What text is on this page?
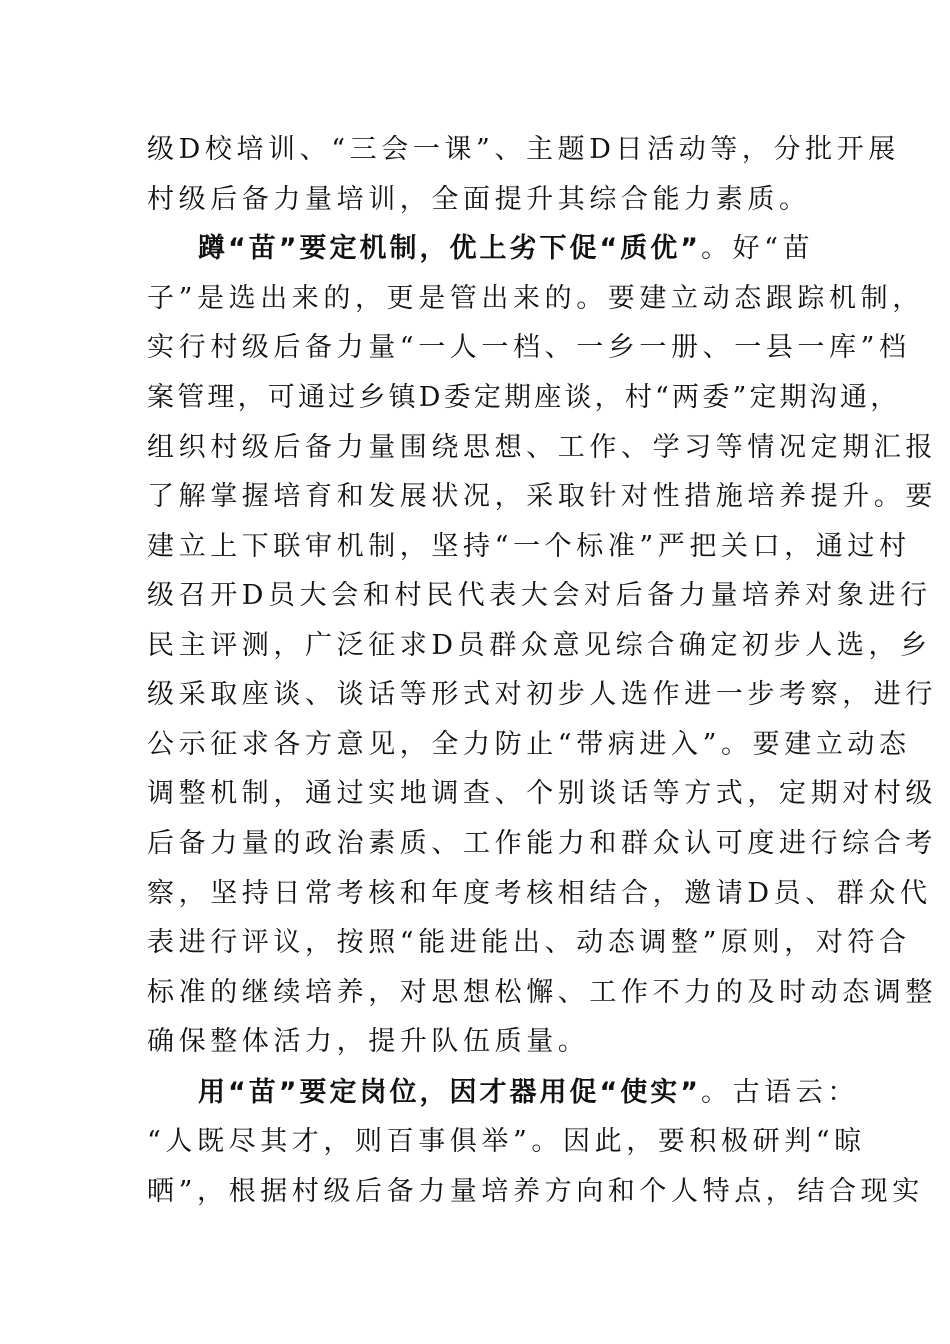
级D校培训、“三会一课”、主题D日活动等，分批开展
村级后备力量培训，全面提升其综合能力素质。
蹲“苗”要定机制，优上劣下促“质优”。好“苗
子”是选出来的，更是管出来的。要建立动态跟踪机制，
实行村级后备力量“一人一档、一乡一册、一县一库”档
案管理，可通过乡镇D委定期座谈，村“两委”定期沟通，
组织村级后备力量围绕思想、工作、学习等情况定期汇报
了解掌握培育和发展状况，采取针对性措施培养提升。要
建立上下联审机制，坚持“一个标准”严把关口，通过村
级召开D员大会和村民代表大会对后备力量培养对象进行
民主评测，广泛征求D员群众意见综合确定初步人选，乡
级采取座谈、谈话等形式对初步人选作进一步考察，进行
公示征求各方意见，全力防止“带病进入”。要建立动态
调整机制，通过实地调查、个别谈话等方式，定期对村级
后备力量的政治素质、工作能力和群众认可度进行综合考
察，坚持日常考核和年度考核相结合，邀请D员、群众代
表进行评议，按照“能进能出、动态调整”原则，对符合
标准的继续培养，对思想松懈、工作不力的及时动态调整
确保整体活力，提升队伍质量。
用“苗”要定岗位，因才器用促“使实”。古语云：
“人既尽其才，则百事俱举”。因此，要积极研判“晾
晒”，根据村级后备力量培养方向和个人特点，结合现实
